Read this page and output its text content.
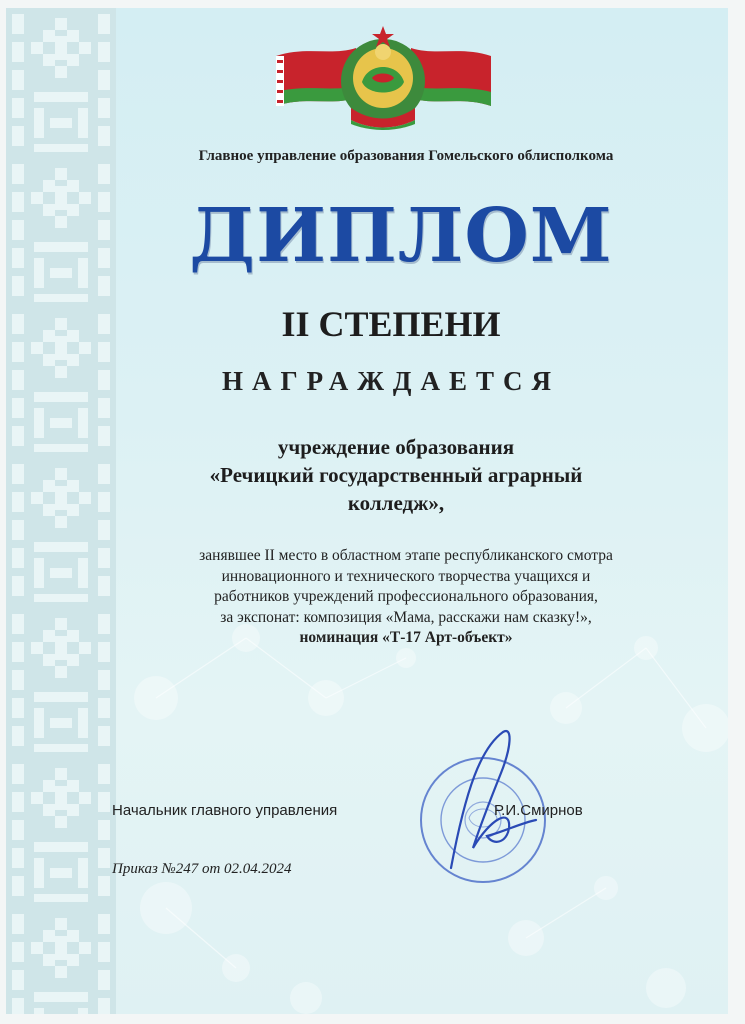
Главное управление образования Гомельского облисполкома
ДИПЛОМ
II СТЕПЕНИ
НАГРАЖДАЕТСЯ
учреждение образования
«Речицкий государственный аграрный
колледж»,
занявшее II место в областном этапе республиканского смотра
инновационного и технического творчества учащихся и
работников учреждений профессионального образования,
за экспонат: композиция «Мама, расскажи нам сказку!»,
номинация «Т-17 Арт-объект»
Начальник главного управления	Р.И.Смирнов
Приказ №247 от 02.04.2024
